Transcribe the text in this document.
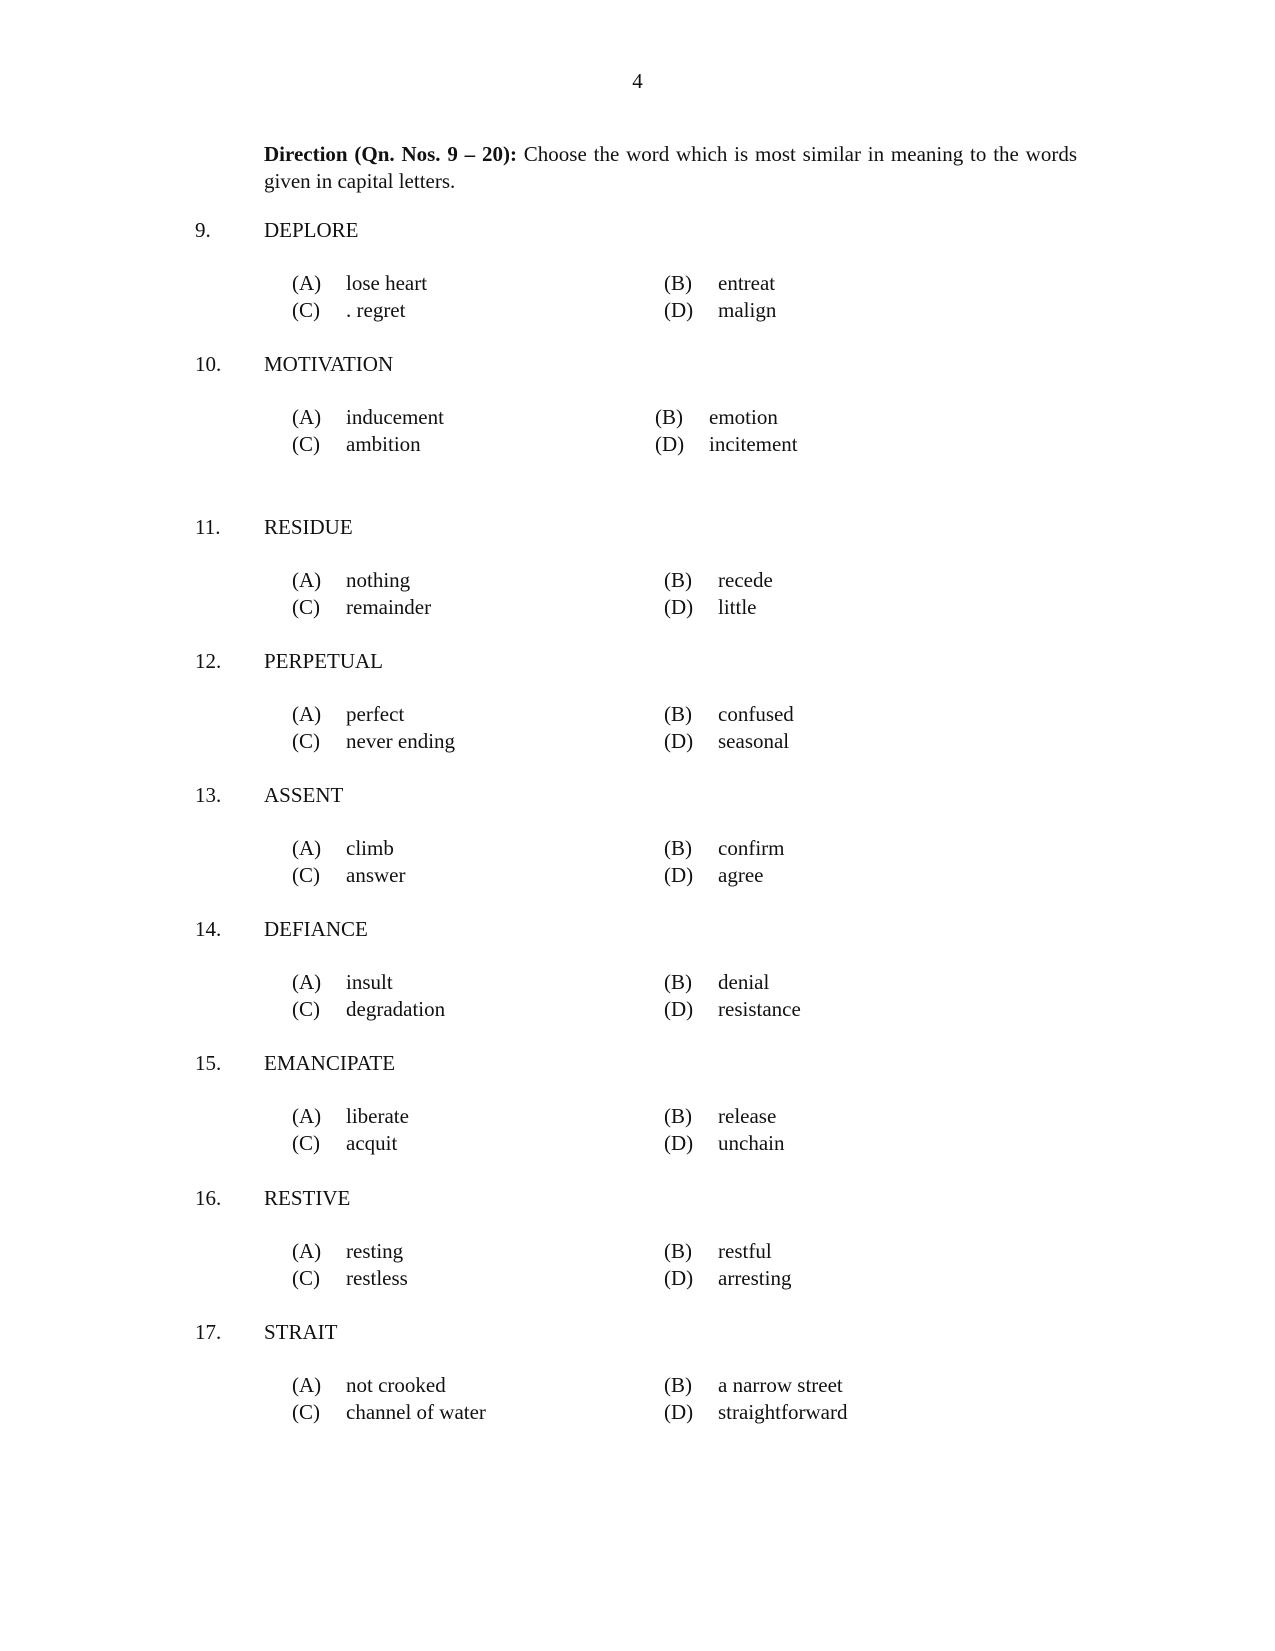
4
Direction (Qn. Nos. 9 – 20): Choose the word which is most similar in meaning to the words given in capital letters.
9.	DEPLORE
(A) lose heart	(B) entreat
(C) . regret	(D) malign
10. MOTIVATION
(A) inducement	(B) emotion
(C) ambition	(D) incitement
11. RESIDUE
(A) nothing	(B) recede
(C) remainder	(D) little
12. PERPETUAL
(A) perfect	(B) confused
(C) never ending	(D) seasonal
13. ASSENT
(A) climb	(B) confirm
(C) answer	(D) agree
14. DEFIANCE
(A) insult	(B) denial
(C) degradation	(D) resistance
15. EMANCIPATE
(A) liberate	(B) release
(C) acquit	(D) unchain
16. RESTIVE
(A) resting	(B) restful
(C) restless	(D) arresting
17. STRAIT
(A) not crooked	(B) a narrow street
(C) channel of water	(D) straightforward
